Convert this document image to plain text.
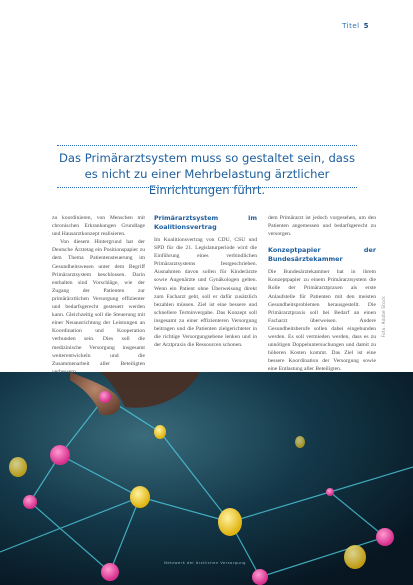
Titel 5
Das Primärarztsystem muss so gestaltet sein, dass es nicht zu einer Mehrbelastung ärztlicher Einrichtungen führt.

zu koordinieren, von Menschen mit chronischen Erkrankungen Grundlage und Hausarztkonzept realisieren.

Von diesem Hintergrund hat der Deutsche Ärztetag ein Positionspapier zu dem Thema Patientensteuerung im Gesundheitswesen unter dem Begriff Primärarztsystem beschlossen. Darin enthalten sind Vorschläge, wie der Zugang der Patienten zur primärärztlichen Versorgung effizienter und bedarfsgerecht gesteuert werden kann. Gleichzeitig soll die Steuerung mit einer Neuausrichtung der Leistungen an Koordination und Kooperation verbunden sein. Dies soll die medizinische Versorgung insgesamt weiterentwickeln und die Zusammenarbeit aller Beteiligten

Primärarztsystem im Koalitionsvertrag

Im Koalitionsvertrag von CDU, CSU und SPD für die 21. Legislaturperiode wird die Einführung eines verbindlichen Primärarztsystems festgeschrieben. Ausnahmen davon sollen für Kinderärzte sowie Augenärzte und Gynäkologen gelten. Wenn ein Patient ohne Überweisung direkt zum Facharzt geht, soll er dafür zusätzlich bezahlen müssen. Ziel ist eine bessere und schnellere Terminvergabe. Das Konzept soll insgesamt zu einer effizienteren Versorgung beitragen und die Patienten zielgerichteter in die richtige Versorgungsebene lenken und in der Arztpraxis die Ressourcen schonen.

dem Primärarzt ist jedoch vorgesehen, um den Patienten angemessen und bedarfsgerecht zu versorgen.

Konzeptpapier der Bundesärztekammer

Die Bundesärztekammer hat in ihrem Konzeptpapier zu einem Primärarztsystem die Rolle der Primärarztpraxen als erste Anlaufstelle für Patienten mit den meisten Gesundheitsproblemen herausgestellt. Die Primärarztpraxis soll bei Bedarf an einen Facharzt überweisen. Andere Gesundheitsberufe sollen dabei eingebunden werden. Es soll vermieden werden, dass es zu unnötigen Doppeluntersuchungen und damit zu höheren Kosten kommt. Das Ziel ist eine bessere Koordination der Versorgung sowie eine Entlastung aller Beteiligten.

Foto: Adobe Stock
Netzwerk der ärztlichen Versorgung
